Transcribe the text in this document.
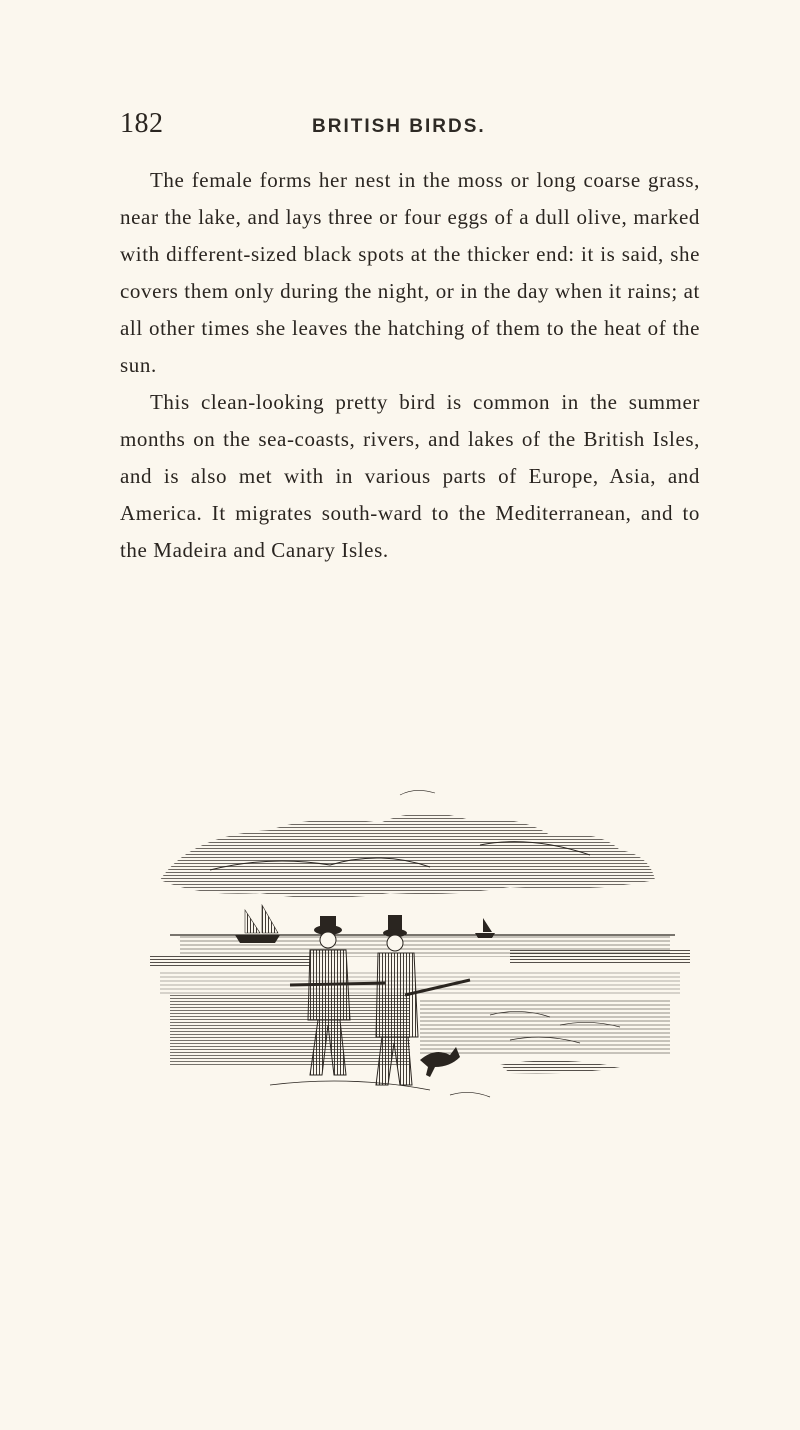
182	BRITISH BIRDS.

The female forms her nest in the moss or long coarse grass, near the lake, and lays three or four eggs of a dull olive, marked with different-sized black spots at the thicker end: it is said, she covers them only during the night, or in the day when it rains; at all other times she leaves the hatching of them to the heat of the sun.

This clean-looking pretty bird is common in the summer months on the sea-coasts, rivers, and lakes of the British Isles, and is also met with in various parts of Europe, Asia, and America. It migrates south-ward to the Mediterranean, and to the Madeira and Canary Isles.
